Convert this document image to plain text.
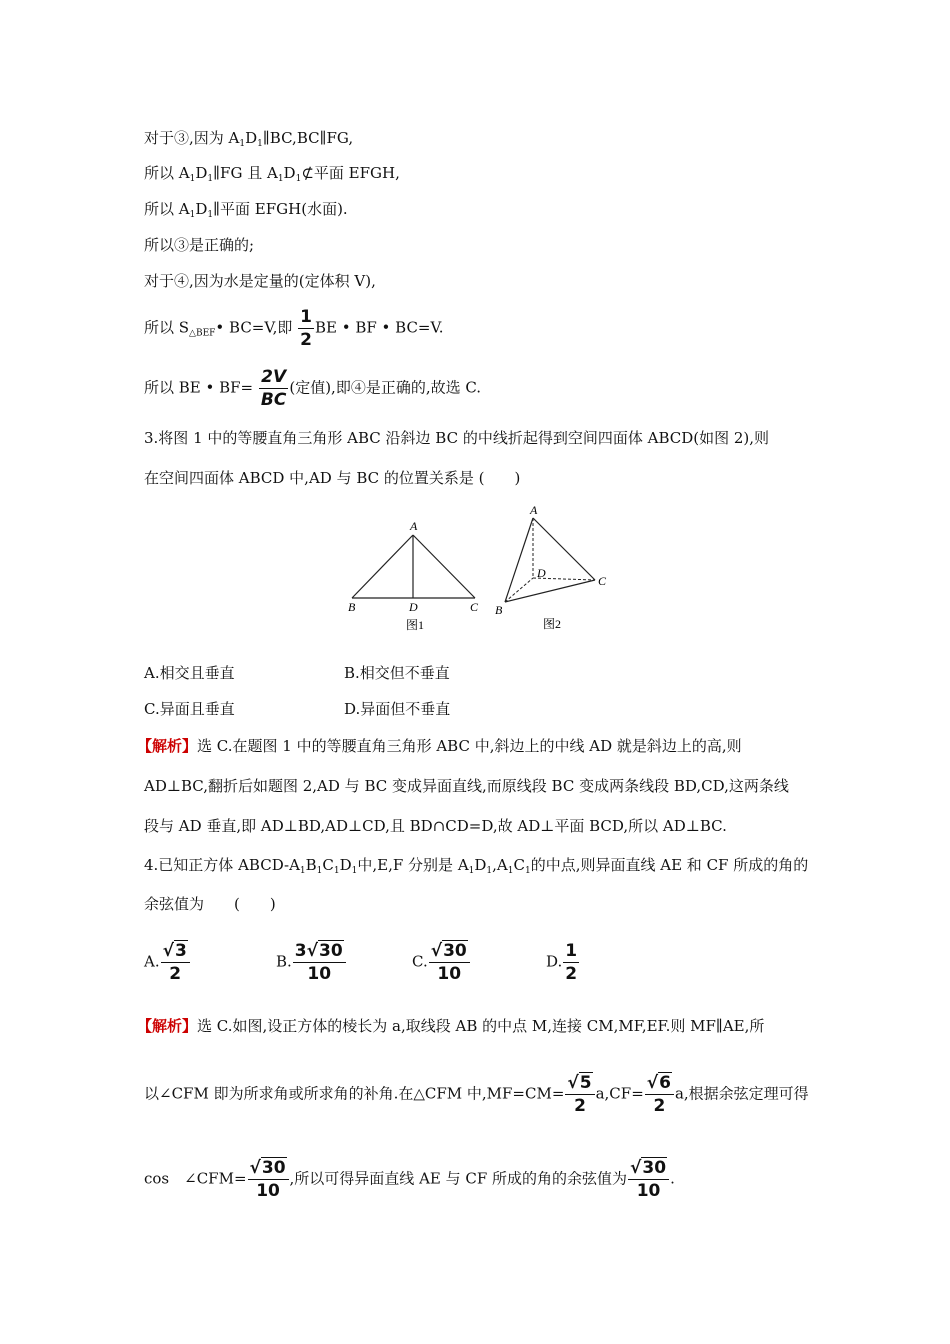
对于③,因为 $A_1D_1\parallel BC,BC\parallel FG$,
所以 $A_1D_1\parallel FG$ 且 $A_1D_1⊄$平面 EFGH,
所以 $A_1D_1\parallel$平面 EFGH(水面).
所以③是正确的;
对于④,因为水是定量的(定体积 V),
所以 $S_{\triangle BEF}•$ BC=V,即 $\frac{1}{2}$ BE • BF • BC=V.
所以 BE • $BF= \frac{2V}{BC}$ (定值),即④是正确的,故选 C.
3.将图 1 中的等腰直角三角形 ABC 沿斜边 BC 的中线折起得到空间四面体 ABCD(如图 2),则
在空间四面体 ABCD 中,AD 与 BC 的位置关系是 (　　)
A
B	D	C
图1
A
D
C
B
图2
A.相交且垂直	B.相交但不垂直
C.异面且垂直	D.异面但不垂直
【解析】选 C.在题图 1 中的等腰直角三角形 ABC 中,斜边上的中线 AD 就是斜边上的高,则
AD⊥BC,翻折后如题图 2,AD 与 BC 变成异面直线,而原线段 BC 变成两条线段 BD,CD,这两条线
段与 AD 垂直,即 AD⊥BD,AD⊥CD,且 BD∩CD=D,故 AD⊥平面 BCD,所以 AD⊥BC.
4.已知正方体 ABCD-$A_1B_1C_1D_1$中,E,F 分别是 $A_1D_1,A_1C_1$的中点,则异面直线 AE 和 CF 所成的角的
余弦值为　　(　　)
A. $\frac{√3}{2}$	B. $\frac{3√30}{10}$	C. $\frac{√30}{10}$	D. $\frac{1}{2}$
【解析】选 C.如图,设正方体的棱长为 a,取线段 AB 的中点 M,连接 CM,MF,EF.则 MF∥AE,所
以∠CFM 即为所求角或所求角的补角.在△CFM 中$,MF=CM= \frac{√5}{2} a,CF= \frac{√6}{2} a$,根据余弦定理可得
cos　∠CFM= $\frac{√30}{10}$ ,所以可得异面直线 AE 与 CF 所成的角的余弦值为 $\frac{√30}{10}$ .
